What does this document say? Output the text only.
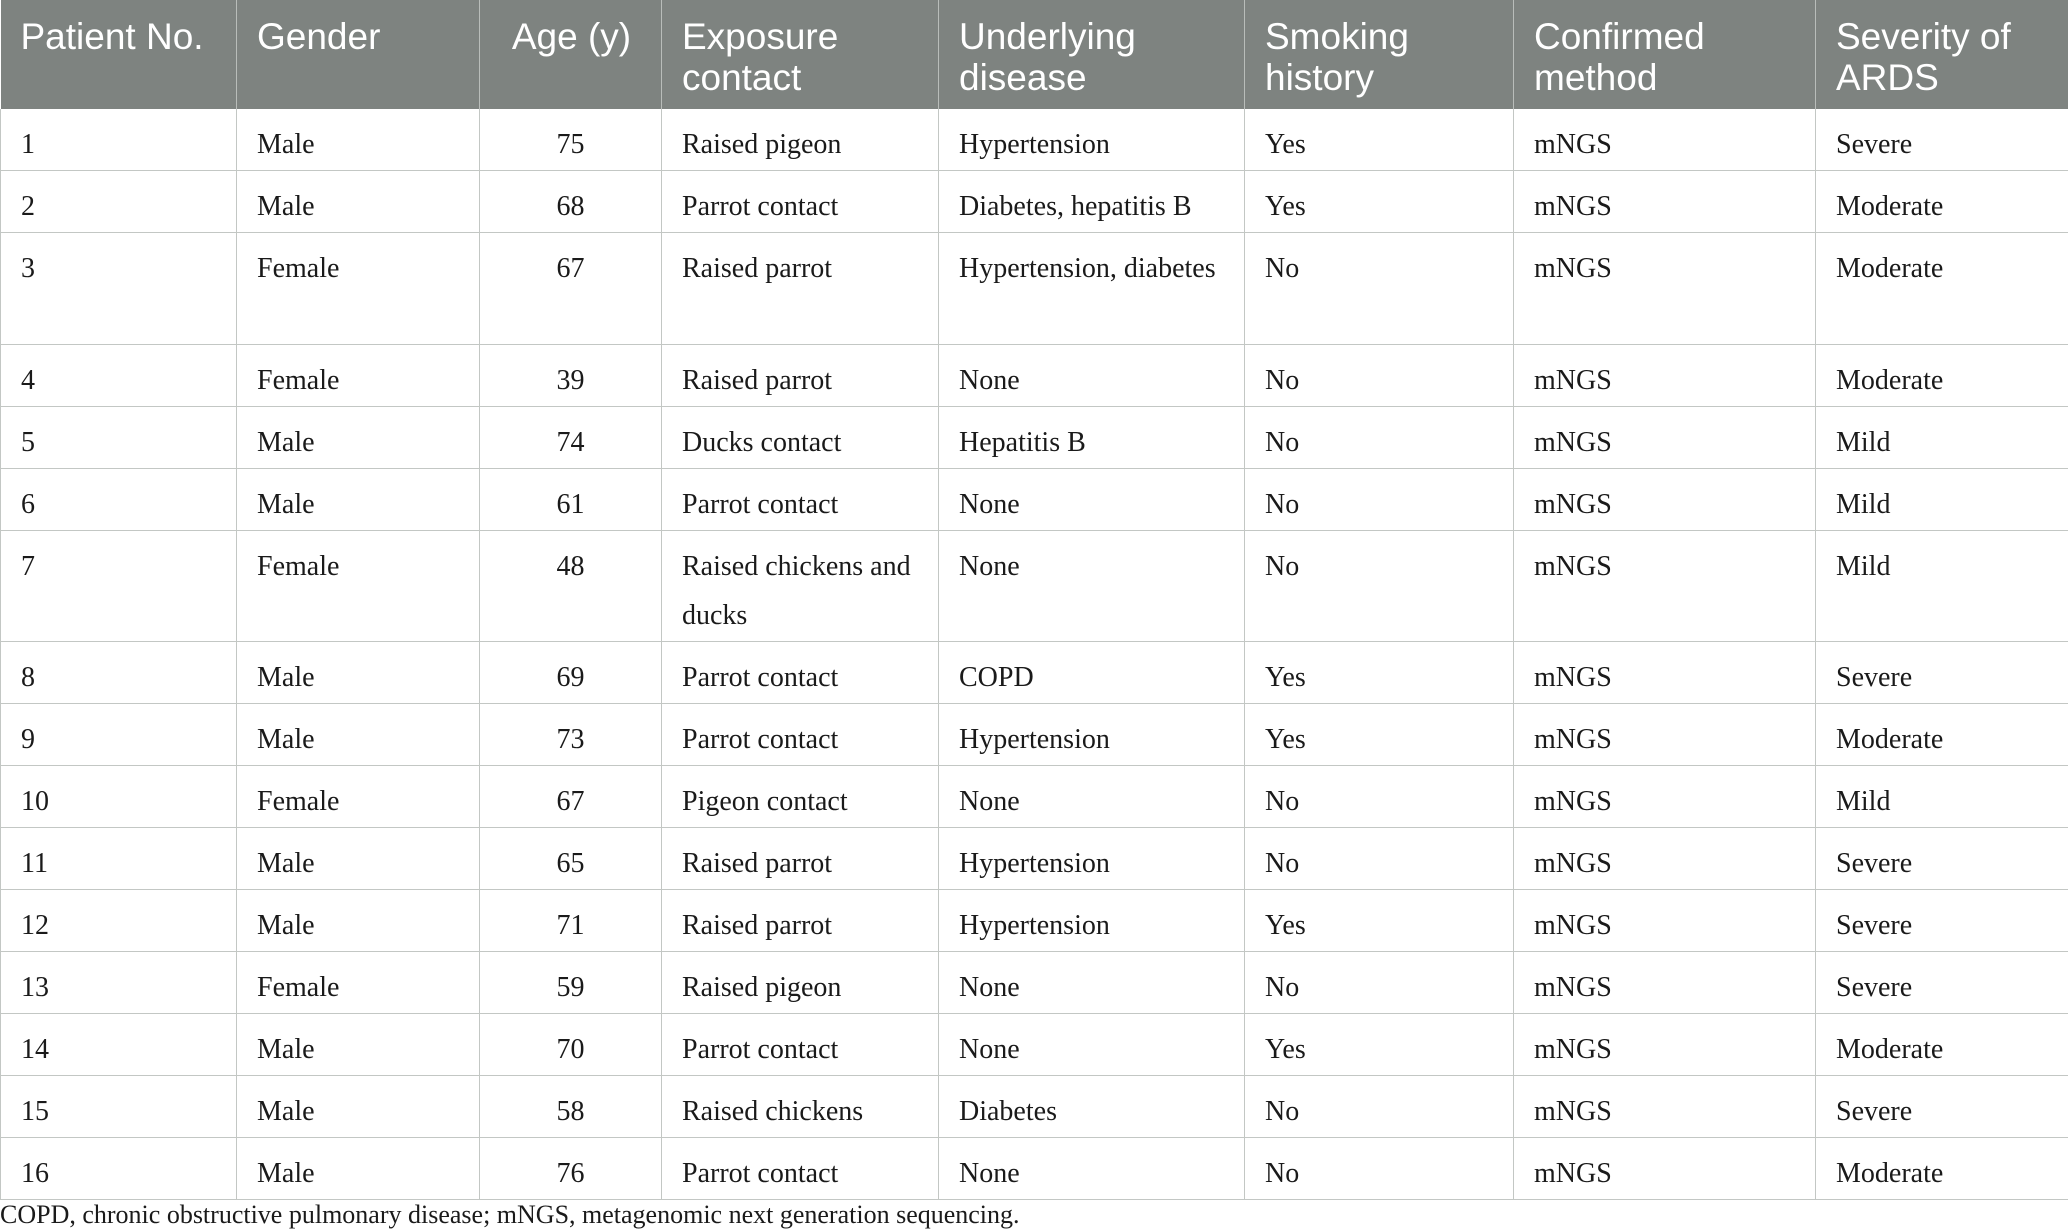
Patient No.	Gender	Age (y)	Exposure contact	Underlying disease	Smoking history	Confirmed method	Severity of ARDS
1	Male	75	Raised pigeon	Hypertension	Yes	mNGS	Severe
2	Male	68	Parrot contact	Diabetes, hepatitis B	Yes	mNGS	Moderate
3	Female	67	Raised parrot	Hypertension, diabetes	No	mNGS	Moderate
4	Female	39	Raised parrot	None	No	mNGS	Moderate
5	Male	74	Ducks contact	Hepatitis B	No	mNGS	Mild
6	Male	61	Parrot contact	None	No	mNGS	Mild
7	Female	48	Raised chickens and ducks	None	No	mNGS	Mild
8	Male	69	Parrot contact	COPD	Yes	mNGS	Severe
9	Male	73	Parrot contact	Hypertension	Yes	mNGS	Moderate
10	Female	67	Pigeon contact	None	No	mNGS	Mild
11	Male	65	Raised parrot	Hypertension	No	mNGS	Severe
12	Male	71	Raised parrot	Hypertension	Yes	mNGS	Severe
13	Female	59	Raised pigeon	None	No	mNGS	Severe
14	Male	70	Parrot contact	None	Yes	mNGS	Moderate
15	Male	58	Raised chickens	Diabetes	No	mNGS	Severe
16	Male	76	Parrot contact	None	No	mNGS	Moderate
COPD, chronic obstructive pulmonary disease; mNGS, metagenomic next generation sequencing.
